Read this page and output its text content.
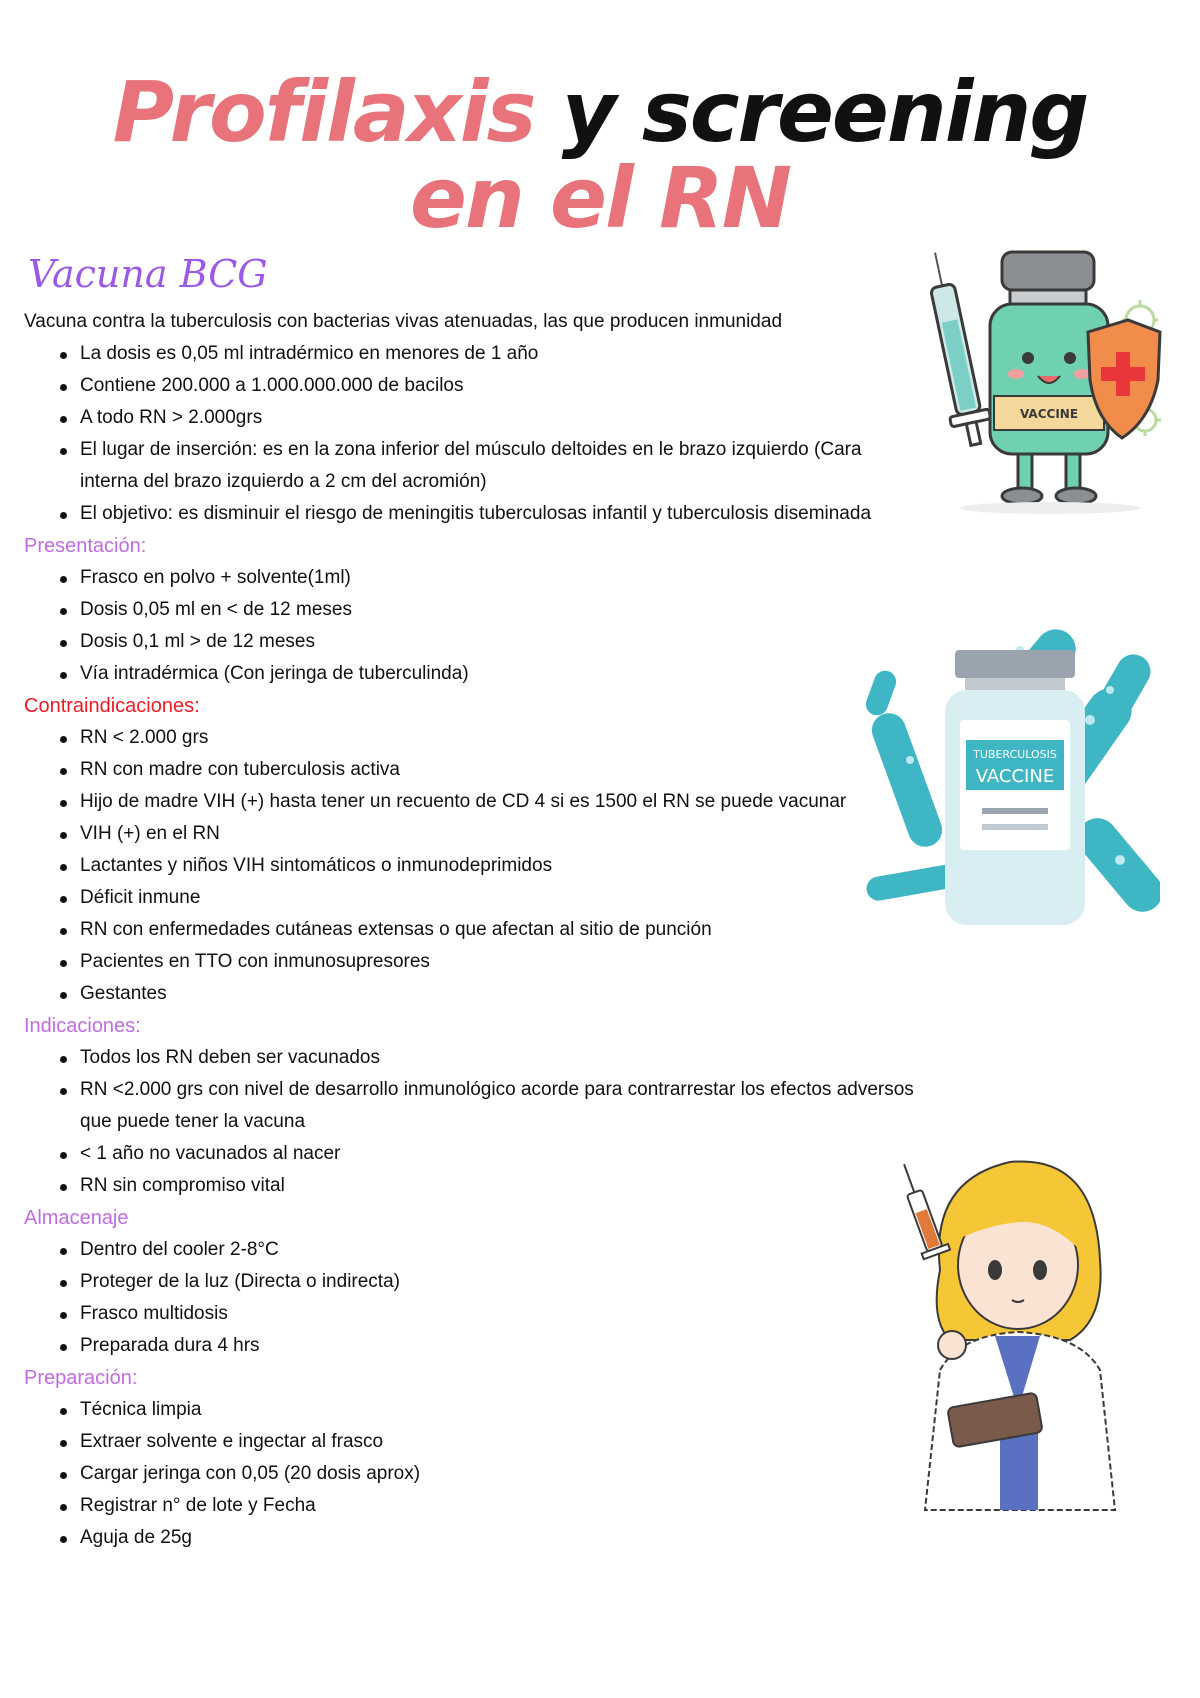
Profilaxis y screening
en el RN
Vacuna BCG

Vacuna contra la tuberculosis con bacterias vivas atenuadas, las que producen inmunidad

La dosis es 0,05 ml intradérmico en menores de 1 año
Contiene 200.000 a 1.000.000.000 de bacilos
A todo RN > 2.000grs
El lugar de inserción: es en la zona inferior del músculo deltoides en le brazo izquierdo (Cara interna del brazo izquierdo a 2 cm del acromión)
El objetivo: es disminuir el riesgo de meningitis tuberculosas infantil y tuberculosis diseminada

Presentación:

Frasco en polvo + solvente(1ml)
Dosis 0,05 ml en < de 12 meses
Dosis 0,1 ml > de 12 meses
Vía intradérmica (Con jeringa de tuberculinda)

Contraindicaciones:

RN < 2.000 grs
RN con madre con tuberculosis activa
Hijo de madre VIH (+) hasta tener un recuento de CD 4 si es 1500 el RN se puede vacunar
VIH (+) en el RN
Lactantes y niños VIH sintomáticos o inmunodeprimidos
Déficit inmune
RN con enfermedades cutáneas extensas o que afectan al sitio de punción
Pacientes en TTO con inmunosupresores
Gestantes

Indicaciones:

Todos los RN deben ser vacunados
RN <2.000 grs con nivel de desarrollo inmunológico acorde para contrarrestar los efectos adversos que puede tener la vacuna
< 1 año no vacunados al nacer
RN sin compromiso vital

Almacenaje

Dentro del cooler 2-8°C
Proteger de la luz (Directa o indirecta)
Frasco multidosis
Preparada dura 4 hrs

Preparación:

Técnica limpia
Extraer solvente e ingectar al frasco
Cargar jeringa con 0,05 (20 dosis aprox)
Registrar n° de lote y Fecha
Aguja de 25g
VACCINE
TUBERCULOSIS
VACCINE
